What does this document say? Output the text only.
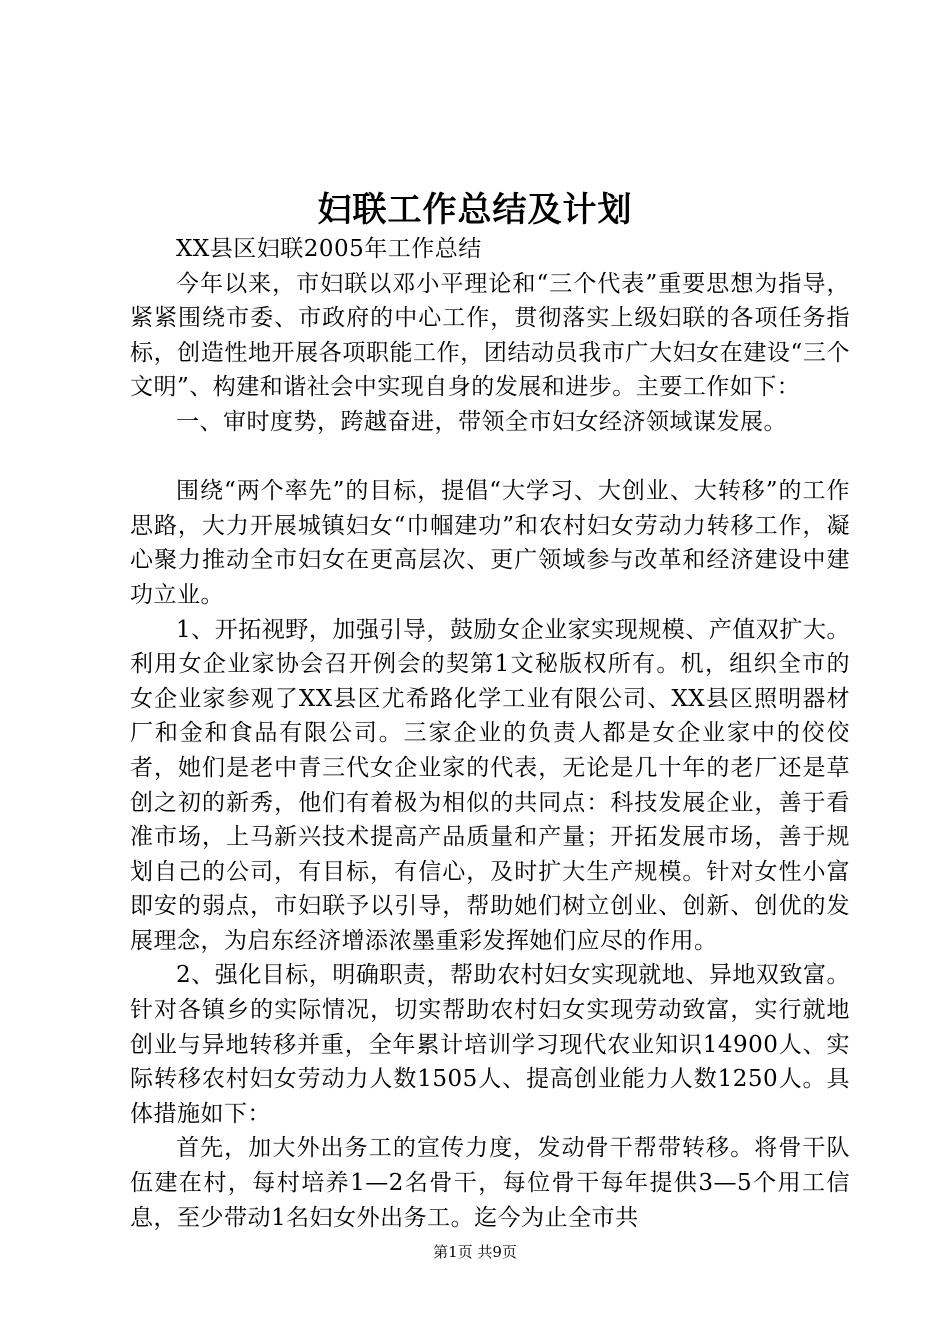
妇联工作总结及计划

XX县区妇联2005年工作总结

今年以来，市妇联以邓小平理论和“三个代表”重要思想为指导，紧紧围绕市委、市政府的中心工作，贯彻落实上级妇联的各项任务指标，创造性地开展各项职能工作，团结动员我市广大妇女在建设“三个文明”、构建和谐社会中实现自身的发展和进步。主要工作如下：

一、审时度势，跨越奋进，带领全市妇女经济领域谋发展。

围绕“两个率先”的目标，提倡“大学习、大创业、大转移”的工作思路，大力开展城镇妇女“巾帼建功”和农村妇女劳动力转移工作，凝心聚力推动全市妇女在更高层次、更广领域参与改革和经济建设中建功立业。

1、开拓视野，加强引导，鼓励女企业家实现规模、产值双扩大。利用女企业家协会召开例会的契第1文秘版权所有。机，组织全市的女企业家参观了XX县区尤希路化学工业有限公司、XX县区照明器材厂和金和食品有限公司。三家企业的负责人都是女企业家中的佼佼者，她们是老中青三代女企业家的代表，无论是几十年的老厂还是草创之初的新秀，他们有着极为相似的共同点：科技发展企业，善于看准市场，上马新兴技术提高产品质量和产量；开拓发展市场，善于规划自己的公司，有目标，有信心，及时扩大生产规模。针对女性小富即安的弱点，市妇联予以引导，帮助她们树立创业、创新、创优的发展理念，为启东经济增添浓墨重彩发挥她们应尽的作用。

2、强化目标，明确职责，帮助农村妇女实现就地、异地双致富。针对各镇乡的实际情况，切实帮助农村妇女实现劳动致富，实行就地创业与异地转移并重，全年累计培训学习现代农业知识14900人、实际转移农村妇女劳动力人数1505人、提高创业能力人数1250人。具体措施如下：

首先，加大外出务工的宣传力度，发动骨干帮带转移。将骨干队伍建在村，每村培养1—2名骨干，每位骨干每年提供3—5个用工信息，至少带动1名妇女外出务工。迄今为止全市共

第1页 共9页
